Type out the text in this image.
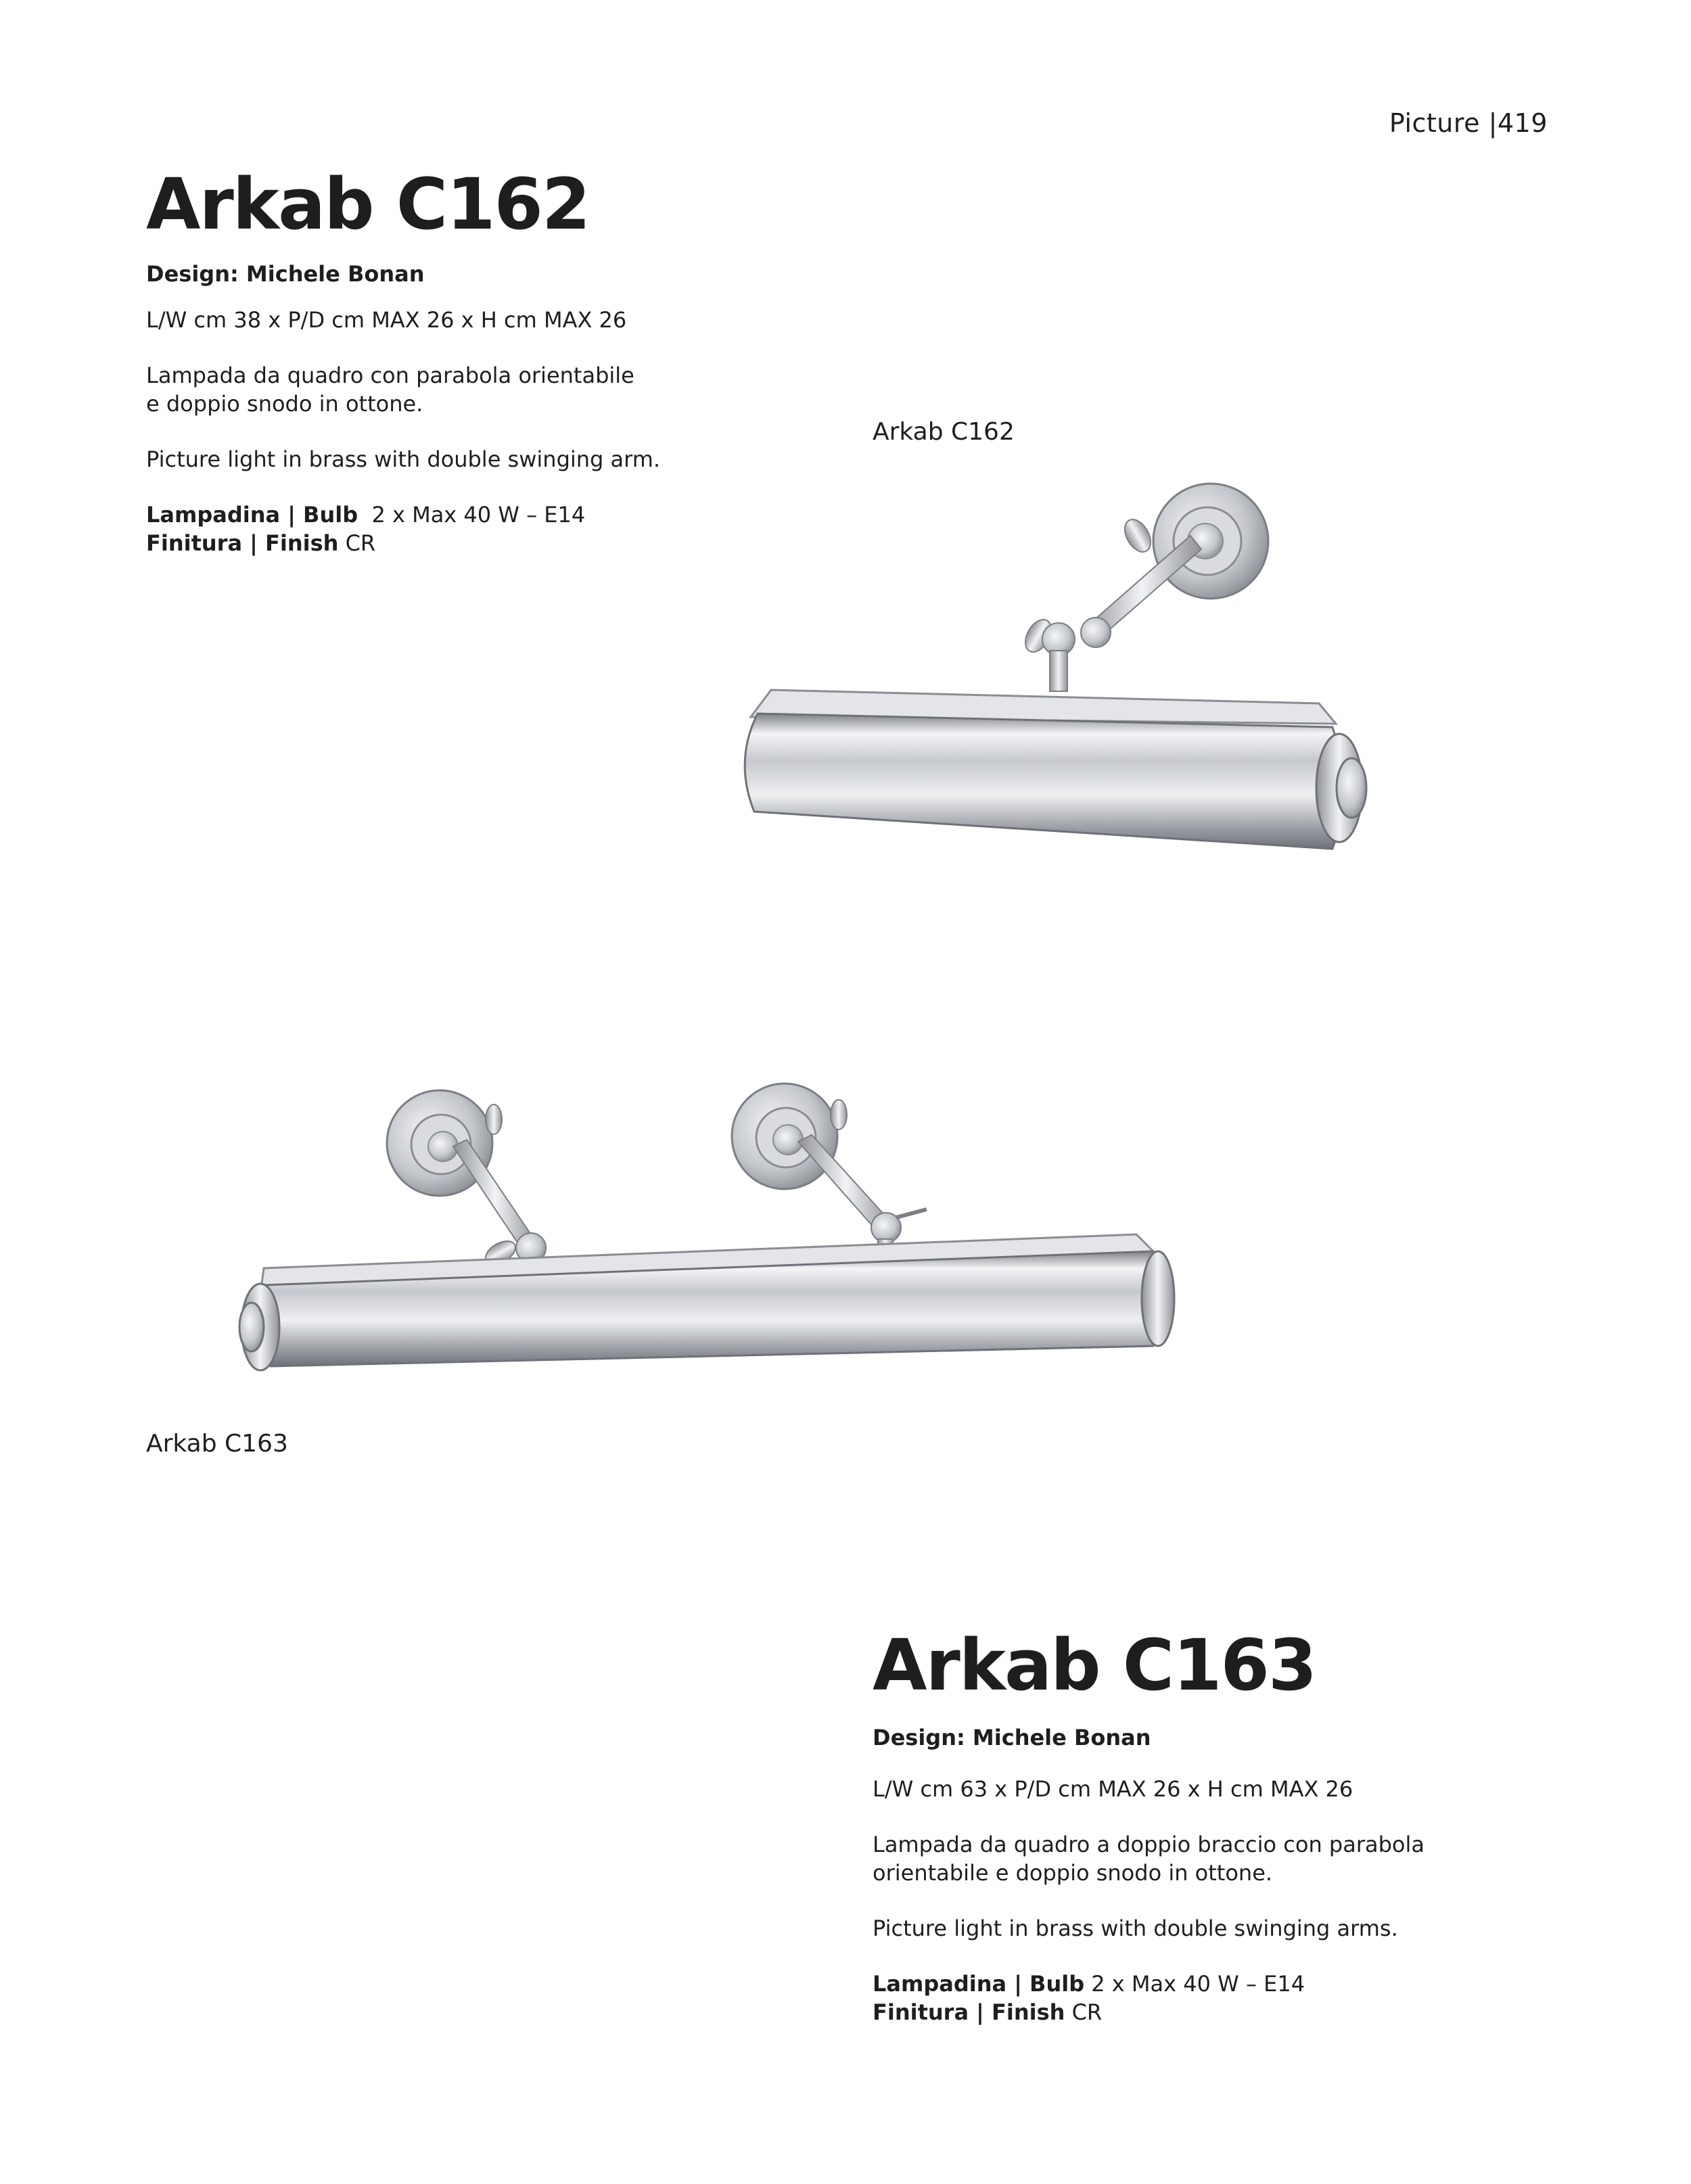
Picture |419
Arkab C162
Design: Michele Bonan
L/W cm 38 x P/D cm MAX 26 x H cm MAX 26
Lampada da quadro con parabola orientabile
e doppio snodo in ottone.
Picture light in brass with double swinging arm.
Lampadina | Bulb 2 x Max 40 W – E14
Finitura | Finish CR
Arkab C162
Arkab C163
Arkab C163
Design: Michele Bonan
L/W cm 63 x P/D cm MAX 26 x H cm MAX 26
Lampada da quadro a doppio braccio con parabola
orientabile e doppio snodo in ottone.
Picture light in brass with double swinging arms.
Lampadina | Bulb 2 x Max 40 W – E14
Finitura | Finish CR
